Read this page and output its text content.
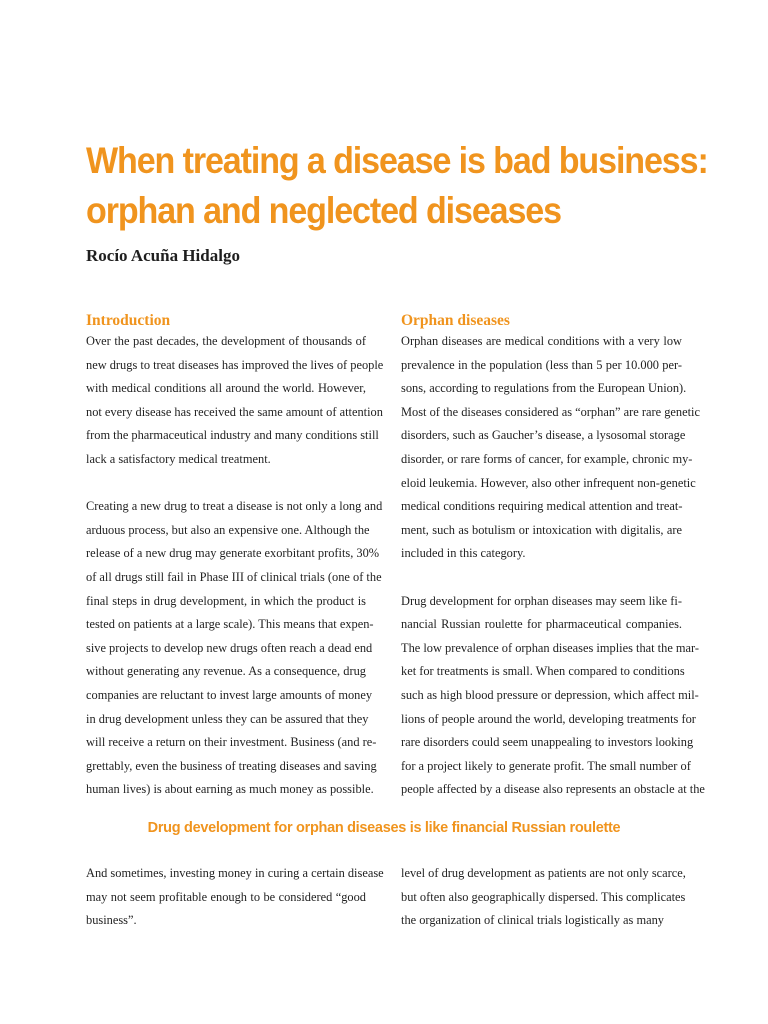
When treating a disease is bad business:
orphan and neglected diseases
Rocío Acuña Hidalgo
Introduction

Over the past decades, the development of thousands of
new drugs to treat diseases has improved the lives of people
with medical conditions all around the world. However,
not every disease has received the same amount of attention
from the pharmaceutical industry and many conditions still
lack a satisfactory medical treatment.

Creating a new drug to treat a disease is not only a long and
arduous process, but also an expensive one. Although the
release of a new drug may generate exorbitant profits, 30%
of all drugs still fail in Phase III of clinical trials (one of the
final steps in drug development, in which the product is
tested on patients at a large scale). This means that expen-
sive projects to develop new drugs often reach a dead end
without generating any revenue. As a consequence, drug
companies are reluctant to invest large amounts of money
in drug development unless they can be assured that they
will receive a return on their investment. Business (and re-
grettably, even the business of treating diseases and saving
human lives) is about earning as much money as possible.

Orphan diseases

Orphan diseases are medical conditions with a very low
prevalence in the population (less than 5 per 10.000 per-
sons, according to regulations from the European Union).
Most of the diseases considered as “orphan” are rare genetic
disorders, such as Gaucher’s disease, a lysosomal storage
disorder, or rare forms of cancer, for example, chronic my-
eloid leukemia. However, also other infrequent non-genetic
medical conditions requiring medical attention and treat-
ment, such as botulism or intoxication with digitalis, are
included in this category.

Drug development for orphan diseases may seem like fi-
nancial Russian roulette for pharmaceutical companies.
The low prevalence of orphan diseases implies that the mar-
ket for treatments is small. When compared to conditions
such as high blood pressure or depression, which affect mil-
lions of people around the world, developing treatments for
rare disorders could seem unappealing to investors looking
for a project likely to generate profit. The small number of
people affected by a disease also represents an obstacle at the

Drug development for orphan diseases is like financial Russian roulette
And sometimes, investing money in curing a certain disease
may not seem profitable enough to be considered “good
business”.
level of drug development as patients are not only scarce,
but often also geographically dispersed. This complicates
the organization of clinical trials logistically as many
